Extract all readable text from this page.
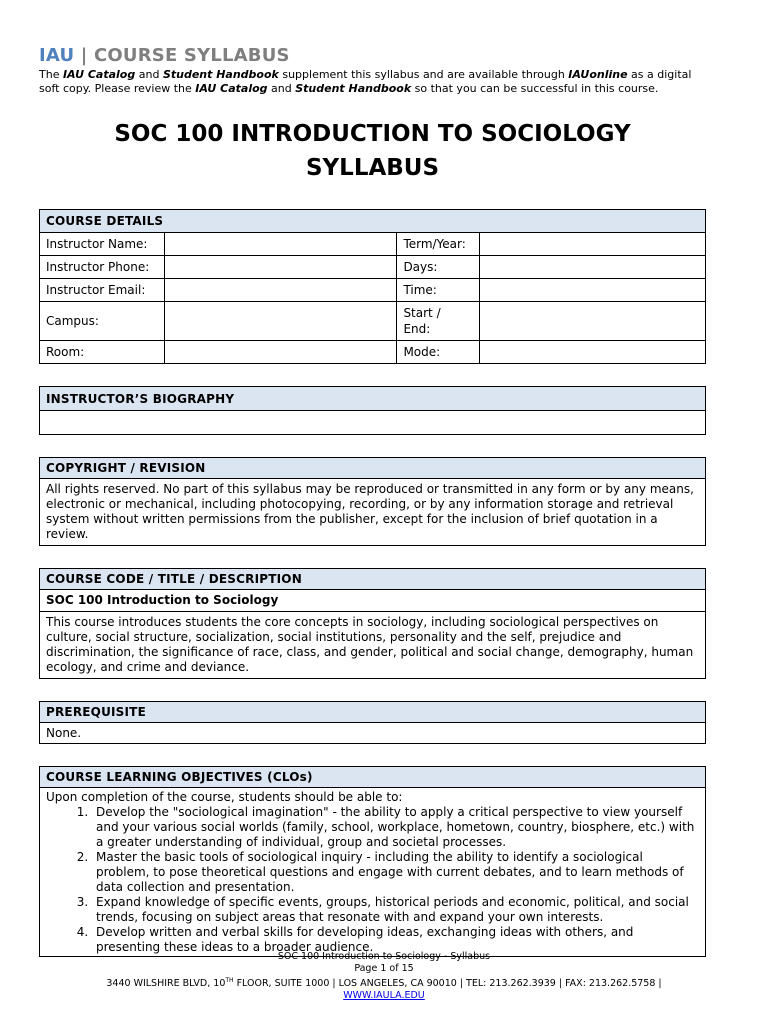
IAU | COURSE SYLLABUS
The IAU Catalog and Student Handbook supplement this syllabus and are available through IAUonline as a digital soft copy. Please review the IAU Catalog and Student Handbook so that you can be successful in this course.
SOC 100 INTRODUCTION TO SOCIOLOGY
SYLLABUS
COURSE DETAILS			
Instructor Name:		Term/Year:	
Instructor Phone:		Days:	
Instructor Email:		Time:	
Campus:		Start /
End:	
Room:		Mode:	
INSTRUCTOR’S BIOGRAPHY

COPYRIGHT / REVISION
All rights reserved. No part of this syllabus may be reproduced or transmitted in any form or by any means, electronic or mechanical, including photocopying, recording, or by any information storage and retrieval system without written permissions from the publisher, except for the inclusion of brief quotation in a review.
COURSE CODE / TITLE / DESCRIPTION
SOC 100 Introduction to Sociology
This course introduces students the core concepts in sociology, including sociological perspectives on culture, social structure, socialization, social institutions, personality and the self, prejudice and discrimination, the significance of race, class, and gender, political and social change, demography, human ecology, and crime and deviance.
PREREQUISITE
None.
COURSE LEARNING OBJECTIVES (CLOs)

Upon completion of the course, students should be able to:
1. Develop the "sociological imagination" - the ability to apply a critical perspective to view yourself and your various social worlds (family, school, workplace, hometown, country, biosphere, etc.) with a greater understanding of individual, group and societal processes.
2. Master the basic tools of sociological inquiry - including the ability to identify a sociological problem, to pose theoretical questions and engage with current debates, and to learn methods of data collection and presentation.
3. Expand knowledge of specific events, groups, historical periods and economic, political, and social trends, focusing on subject areas that resonate with and expand your own interests.
4. Develop written and verbal skills for developing ideas, exchanging ideas with others, and presenting these ideas to a broader audience.
SOC 100 Introduction to Sociology - Syllabus
Page 1 of 15
3440 WILSHIRE BLVD, 10TH FLOOR, SUITE 1000 | LOS ANGELES, CA 90010 | TEL: 213.262.3939 | FAX: 213.262.5758 |
WWW.IAULA.EDU
